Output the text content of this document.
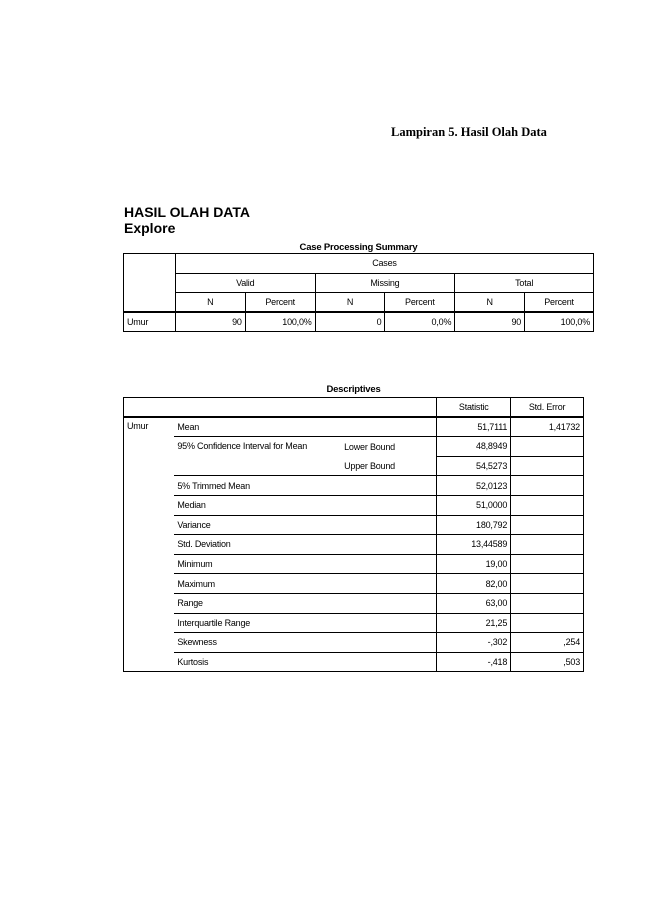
Lampiran 5. Hasil Olah Data
HASIL OLAH DATA
Explore
Case Processing Summary
	Cases					
	Valid		Missing		Total	
	N	Percent	N	Percent	N	Percent
Umur	90	100,0%	0	0,0%	90	100,0%
Descriptives
			Statistic	Std. Error
Umur	Mean		51,7111	1,41732
	95% Confidence Interval for Mean	Lower Bound	48,8949	
		Upper Bound	54,5273	
	5% Trimmed Mean		52,0123	
	Median		51,0000	
	Variance		180,792	
	Std. Deviation		13,44589	
	Minimum		19,00	
	Maximum		82,00	
	Range		63,00	
	Interquartile Range		21,25	
	Skewness		-,302	,254
	Kurtosis		-,418	,503
